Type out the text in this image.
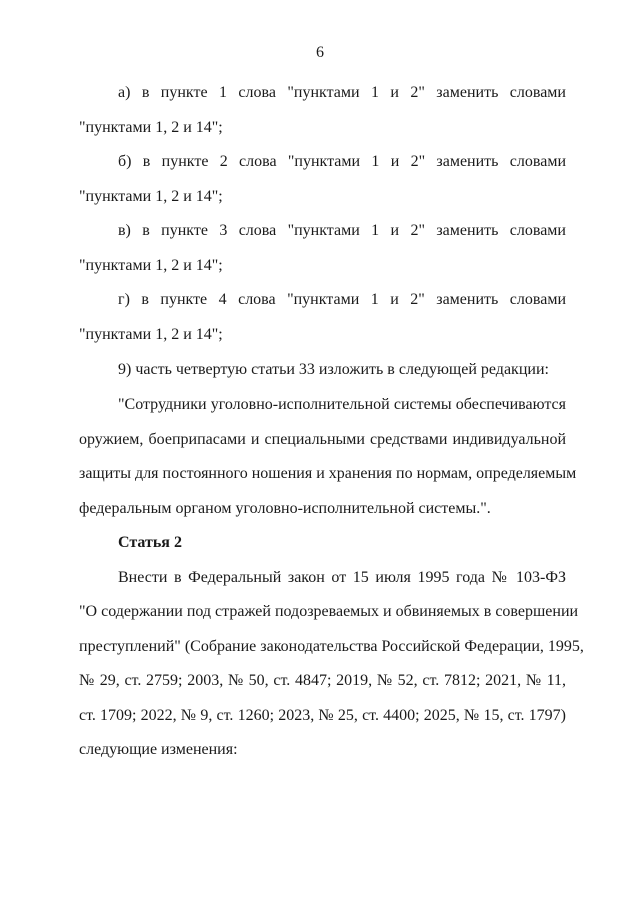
6
а) в пункте 1 слова "пунктами 1 и 2" заменить словами
"пунктами 1, 2 и 14";
б) в пункте 2 слова "пунктами 1 и 2" заменить словами
"пунктами 1, 2 и 14";
в) в пункте 3 слова "пунктами 1 и 2" заменить словами
"пунктами 1, 2 и 14";
г) в пункте 4 слова "пунктами 1 и 2" заменить словами
"пунктами 1, 2 и 14";
9) часть четвертую статьи 33 изложить в следующей редакции:
"Сотрудники уголовно-исполнительной системы обеспечиваются
оружием, боеприпасами и специальными средствами индивидуальной
защиты для постоянного ношения и хранения по нормам, определяемым
федеральным органом уголовно-исполнительной системы.".
Статья 2
Внести в Федеральный закон от 15 июля 1995 года № 103-ФЗ
"О содержании под стражей подозреваемых и обвиняемых в совершении
преступлений" (Собрание законодательства Российской Федерации, 1995,
№ 29, ст. 2759; 2003, № 50, ст. 4847; 2019, № 52, ст. 7812; 2021, № 11,
ст. 1709; 2022, № 9, ст. 1260; 2023, № 25, ст. 4400; 2025, № 15, ст. 1797)
следующие изменения:
